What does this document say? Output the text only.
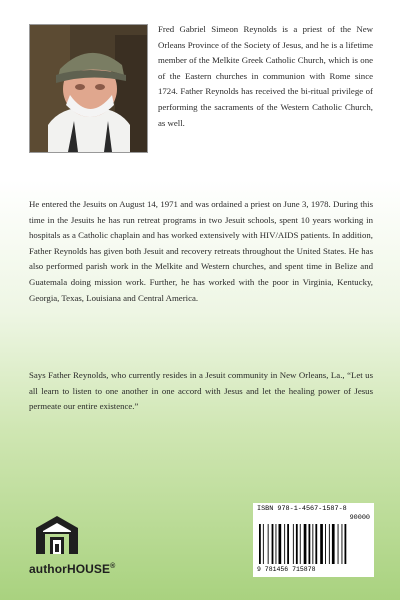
Fred Gabriel Simeon Reynolds is a priest of the New Orleans Province of the Society of Jesus, and he is a lifetime member of the Melkite Greek Catholic Church, which is one of the Eastern churches in communion with Rome since 1724. Father Reynolds has received the bi-ritual privilege of performing the sacraments of the Western Catholic Church, as well.

He entered the Jesuits on August 14, 1971 and was ordained a priest on June 3, 1978. During this time in the Jesuits he has run retreat programs in two Jesuit schools, spent 10 years working in hospitals as a Catholic chaplain and has worked extensively with HIV/AIDS patients. In addition, Father Reynolds has given both Jesuit and recovery retreats throughout the United States. He has also performed parish work in the Melkite and Western churches, and spent time in Belize and Guatemala doing mission work. Further, he has worked with the poor in Virginia, Kentucky, Georgia, Texas, Louisiana and Central America.

Says Father Reynolds, who currently resides in a Jesuit community in New Orleans, La., “Let us all learn to listen to one another in one accord with Jesus and let the healing power of Jesus permeate our entire existence.”

authorHOUSE®
ISBN 978-1-4567-1587-8
90000
9 781456 715878
